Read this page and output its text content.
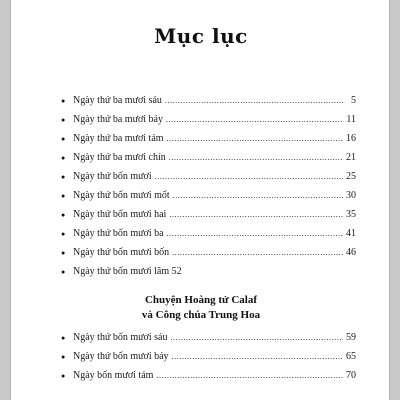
Mục lục
● Ngày thứ ba mươi sáu .....	5
● Ngày thứ ba mươi bảy .....	11
● Ngày thứ ba mươi tám .....	16
● Ngày thứ ba mươi chín .....	21
● Ngày thứ bốn mươi .....	25
● Ngày thứ bốn mươi mốt .....	30
● Ngày thứ bốn mươi hai .....	35
● Ngày thứ bốn mươi ba .....	41
● Ngày thứ bốn mươi bốn .....	46
● Ngày thứ bốn mươi lăm 52
Chuyện Hoàng tử Calaf
và Công chúa Trung Hoa
● Ngày thứ bốn mươi sáu .....	59
● Ngày thứ bốn mươi bảy .....	65
● Ngày bốn mươi tám .....	70
